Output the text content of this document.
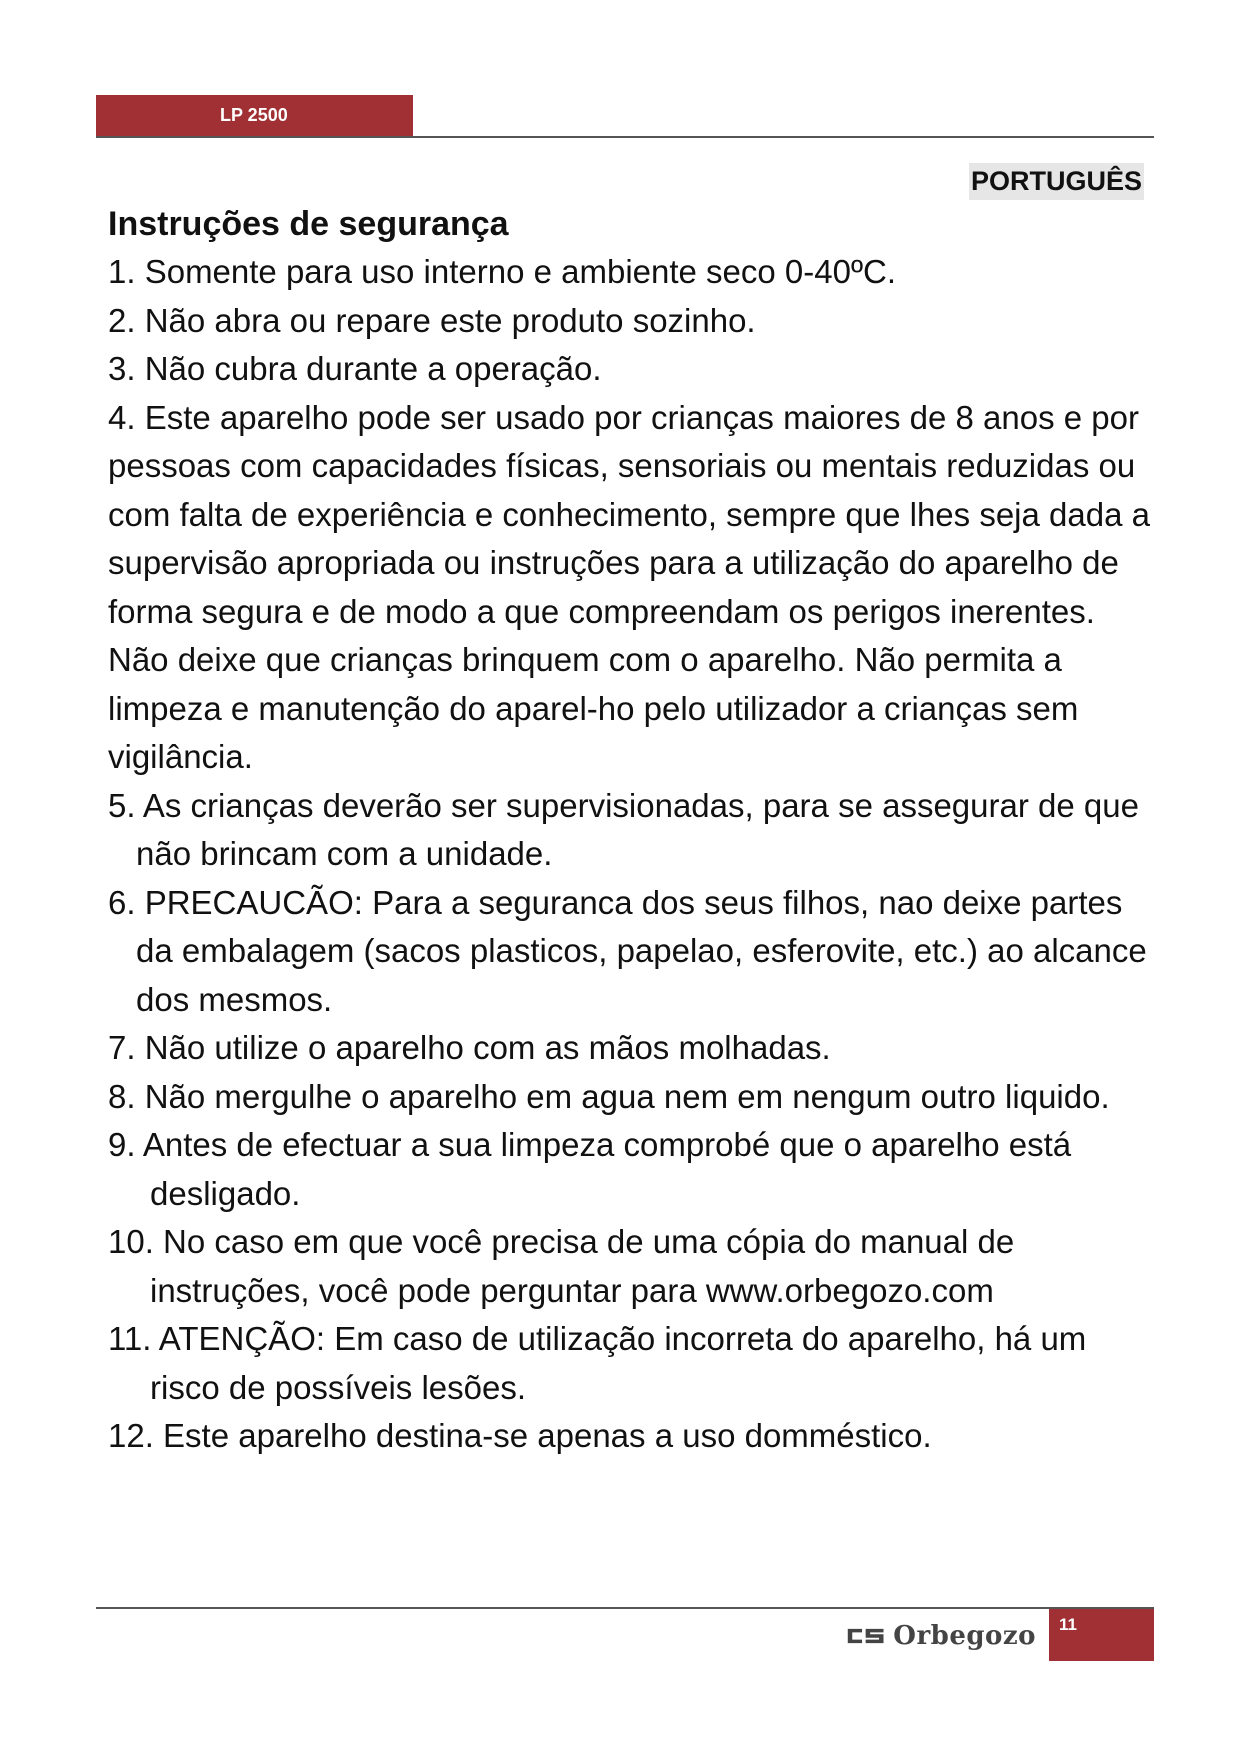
LP 2500
PORTUGUÊS
Instruções de segurança
1. Somente para uso interno e ambiente seco 0-40ºC.
2. Não abra ou repare este produto sozinho.
3. Não cubra durante a operação.
4. Este aparelho pode ser usado por crianças maiores de 8 anos e por pessoas com capacidades físicas, sensoriais ou mentais reduzidas ou com falta de experiência e conhecimento, sempre que lhes seja dada a supervisão apropriada ou instruções para a utilização do aparelho de forma segura e de modo a que compreendam os perigos inerentes. Não deixe que crianças brinquem com o aparelho. Não permita a limpeza e manutenção do aparel-ho pelo utilizador a crianças sem vigilância.
5. As crianças deverão ser supervisionadas, para se assegurar de que não brincam com a unidade.
6. PRECAUCÃO: Para a seguranca dos seus filhos, nao deixe partes da embalagem (sacos plasticos, papelao, esferovite, etc.) ao alcance dos mesmos.
7. Não utilize o aparelho com as mãos molhadas.
8. Não mergulhe o aparelho em agua nem em nengum outro liquido.
9. Antes de efectuar a sua limpeza comprobé que o aparelho está desligado.
10. No caso em que você precisa de uma cópia do manual de instruções, você pode perguntar para www.orbegozo.com
11. ATENÇÃO: Em caso de utilização incorreta do aparelho, há um risco de possíveis lesões.
12. Este aparelho destina-se apenas a uso domméstico.
Orbegozo	11
